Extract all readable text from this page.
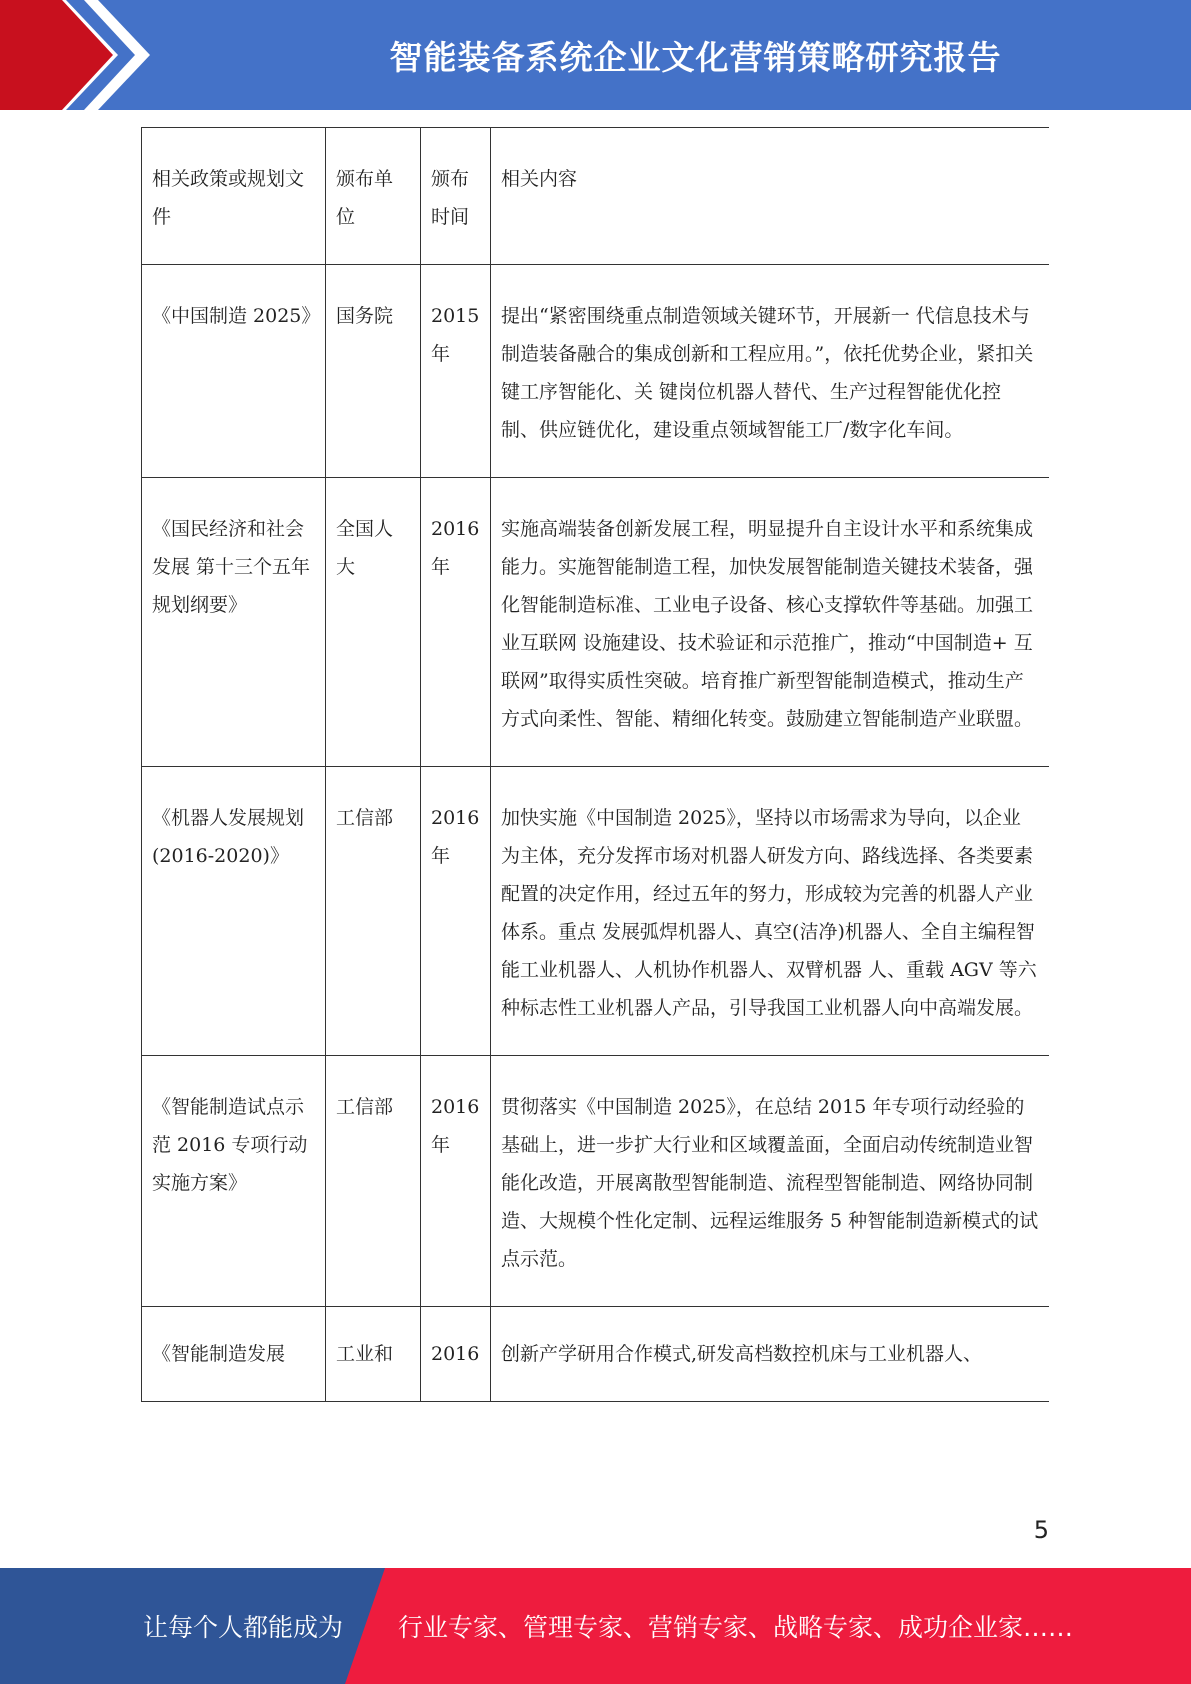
智能装备系统企业文化营销策略研究报告
相关政策或规划文件	颁布单位	颁布时间	相关内容
《中国制造 2025》	国务院	2015 年	提出“紧密围绕重点制造领域关键环节，开展新一 代信息技术与制造装备融合的集成创新和工程应用。”，依托优势企业，紧扣关键工序智能化、关 键岗位机器人替代、生产过程智能优化控制、供应链优化，建设重点领域智能工厂/数字化车间。
《国民经济和社会发展 第十三个五年规划纲要》	全国人大	2016 年	实施高端装备创新发展工程，明显提升自主设计水平和系统集成能力。实施智能制造工程，加快发展智能制造关键技术装备，强化智能制造标准、工业电子设备、核心支撑软件等基础。加强工业互联网 设施建设、技术验证和示范推广，推动“中国制造+ 互联网”取得实质性突破。培育推广新型智能制造模式，推动生产方式向柔性、智能、精细化转变。鼓励建立智能制造产业联盟。
《机器人发展规划(2016-2020)》	工信部	2016 年	加快实施《中国制造 2025》，坚持以市场需求为导向，以企业为主体，充分发挥市场对机器人研发方向、路线选择、各类要素配置的决定作用，经过五年的努力，形成较为完善的机器人产业体系。重点 发展弧焊机器人、真空(洁净)机器人、全自主编程智能工业机器人、人机协作机器人、双臂机器 人、重载 AGV 等六种标志性工业机器人产品，引导我国工业机器人向中高端发展。
《智能制造试点示范 2016 专项行动实施方案》	工信部	2016 年	贯彻落实《中国制造 2025》，在总结 2015 年专项行动经验的基础上，进一步扩大行业和区域覆盖面，全面启动传统制造业智能化改造，开展离散型智能制造、流程型智能制造、网络协同制造、大规模个性化定制、远程运维服务 5 种智能制造新模式的试点示范。
《智能制造发展	工业和	2016	创新产学研用合作模式,研发高档数控机床与工业机器人、
5
让每个人都能成为 行业专家、管理专家、营销专家、战略专家、成功企业家……
